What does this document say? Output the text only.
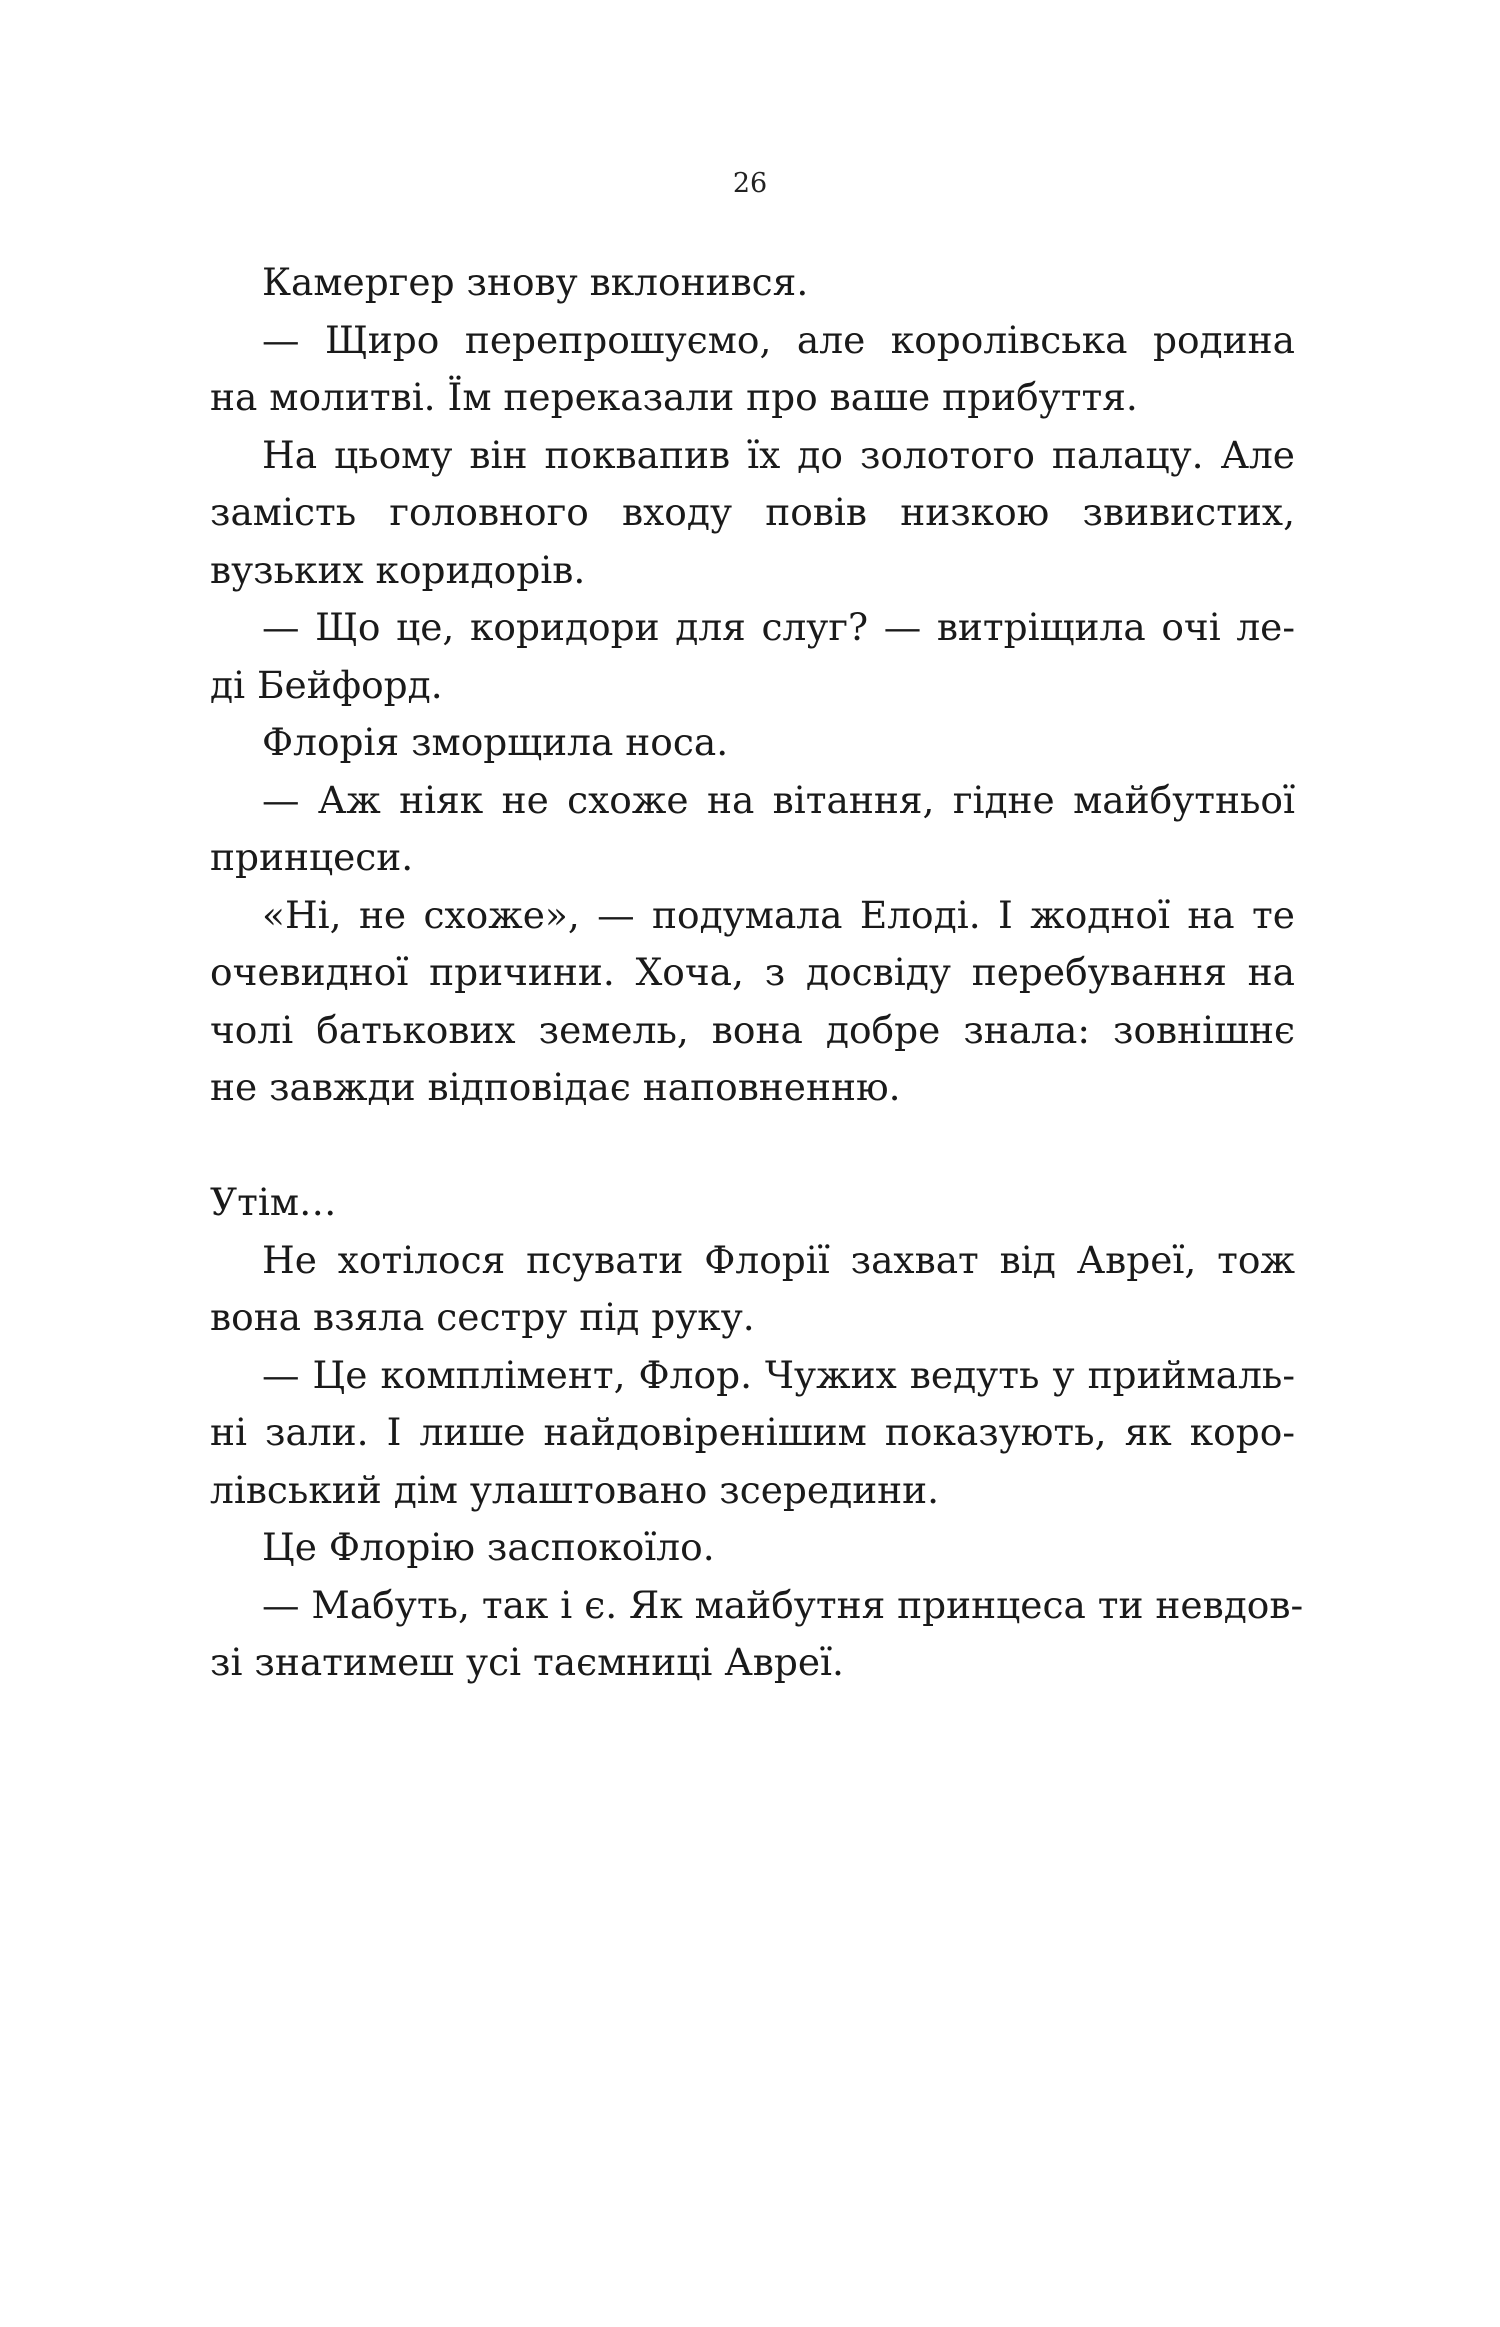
26
Камергер знову вклонився.
— Щиро перепрошуємо, але королівська родина
на молитві. Їм переказали про ваше прибуття.
На цьому він поквапив їх до золотого палацу. Але
замість головного входу повів низкою звивистих,
вузьких коридорів.
— Що це, коридори для слуг? — витріщила очі ле-
ді Бейфорд.
Флорія зморщила носа.
— Аж ніяк не схоже на вітання, гідне майбутньої
принцеси.
«Ні, не схоже», — подумала Елоді. І жодної на те
очевидної причини. Хоча, з досвіду перебування на
чолі батькових земель, вона добре знала: зовнішнє
не завжди відповідає наповненню.
Утім…
Не хотілося псувати Флорії захват від Авреї, тож
вона взяла сестру під руку.
— Це комплімент, Флор. Чужих ведуть у приймаль-
ні зали. І лише найдовіренішим показують, як коро-
лівський дім улаштовано зсередини.
Це Флорію заспокоїло.
— Мабуть, так і є. Як майбутня принцеса ти невдов-
зі знатимеш усі таємниці Авреї.
